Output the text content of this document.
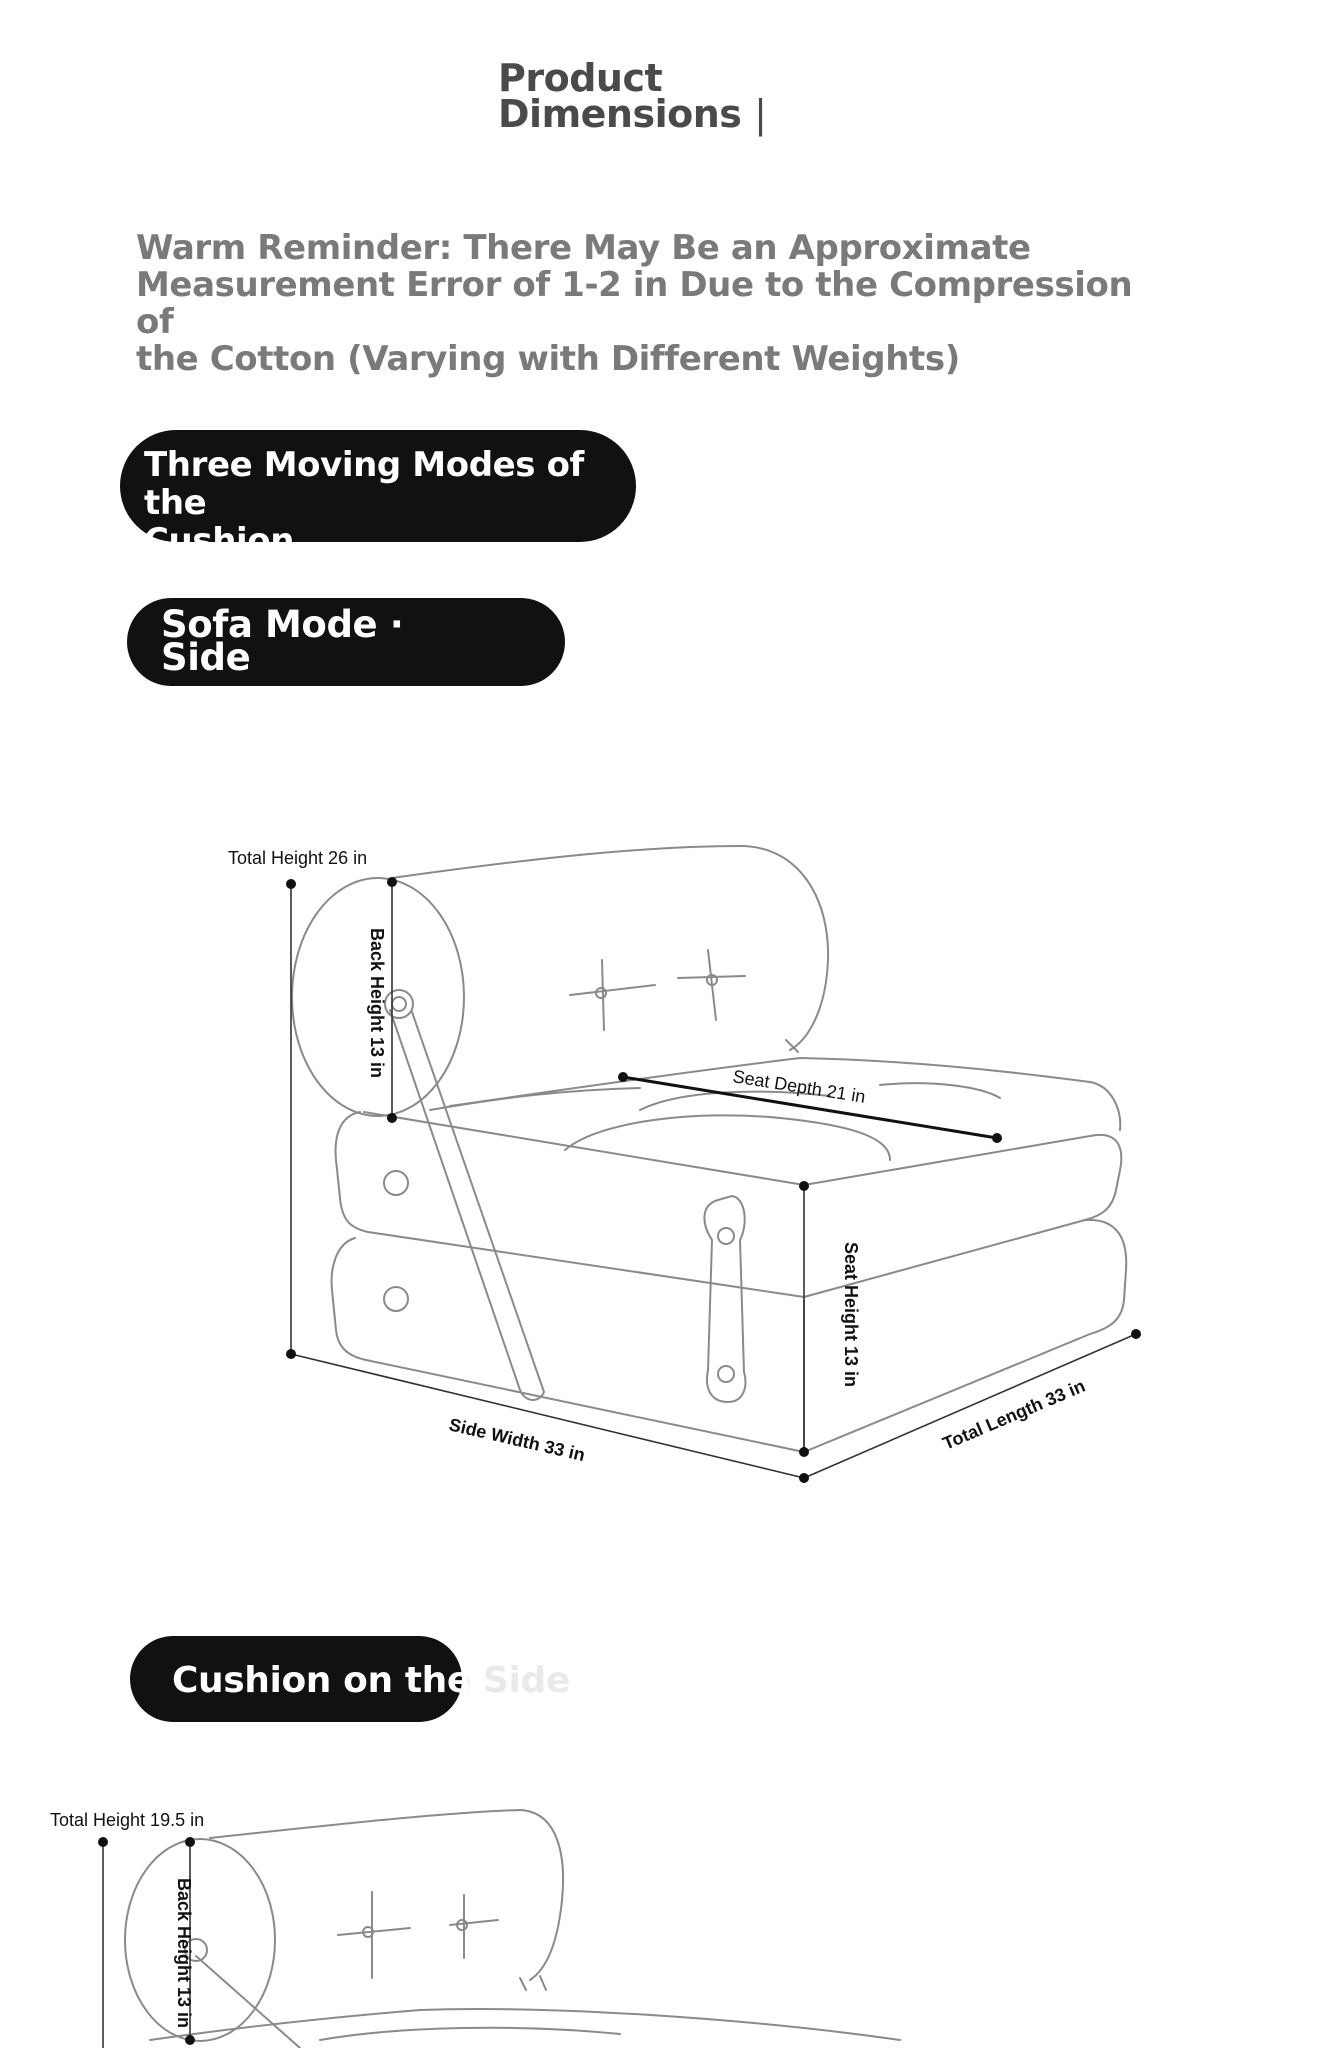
Product
Dimensions |
Warm Reminder: There May Be an Approximate
Measurement Error of 1-2 in Due to the Compression of
the Cotton (Varying with Different Weights)
Three Moving Modes of the
Cushion
Sofa Mode ·
Side
Cushion on the Side
Total Height 26 in
Back Height 13 in
Seat Depth 21 in
Seat Height 13 in
Side Width 33 in	Total Length 33 in
Total Height 19.5 in
Back Height 13 in
